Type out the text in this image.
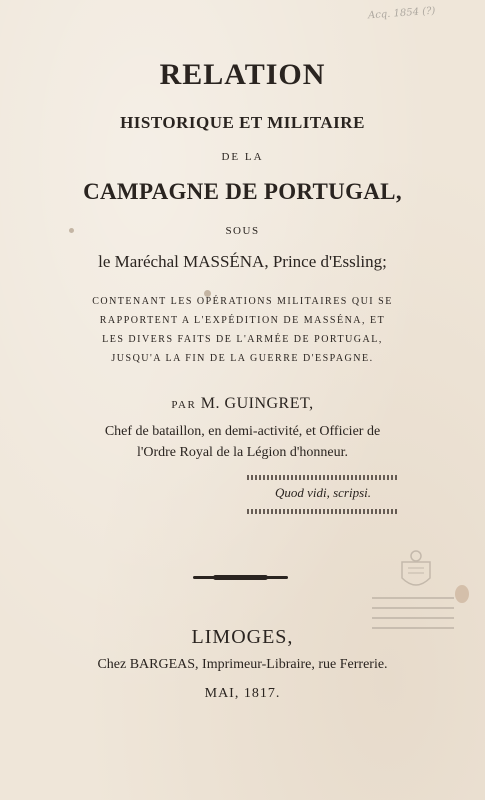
Acq. 1854 (?)
RELATION
HISTORIQUE ET MILITAIRE
DE LA
CAMPAGNE DE PORTUGAL,
SOUS
le Maréchal MASSÉNA, Prince d'Essling;
CONTENANT LES OPÉRATIONS MILITAIRES QUI SE
RAPPORTENT A L'EXPÉDITION DE MASSÉNA, ET
LES DIVERS FAITS DE L'ARMÉE DE PORTUGAL,
JUSQU'A LA FIN DE LA GUERRE D'ESPAGNE.
PAR M. GUINGRET,
Chef de bataillon, en demi-activité, et Officier de
l'Ordre Royal de la Légion d'honneur.
Quod vidi, scripsi.
LIMOGES,
Chez BARGEAS, Imprimeur-Libraire, rue Ferrerie.
MAI, 1817.
